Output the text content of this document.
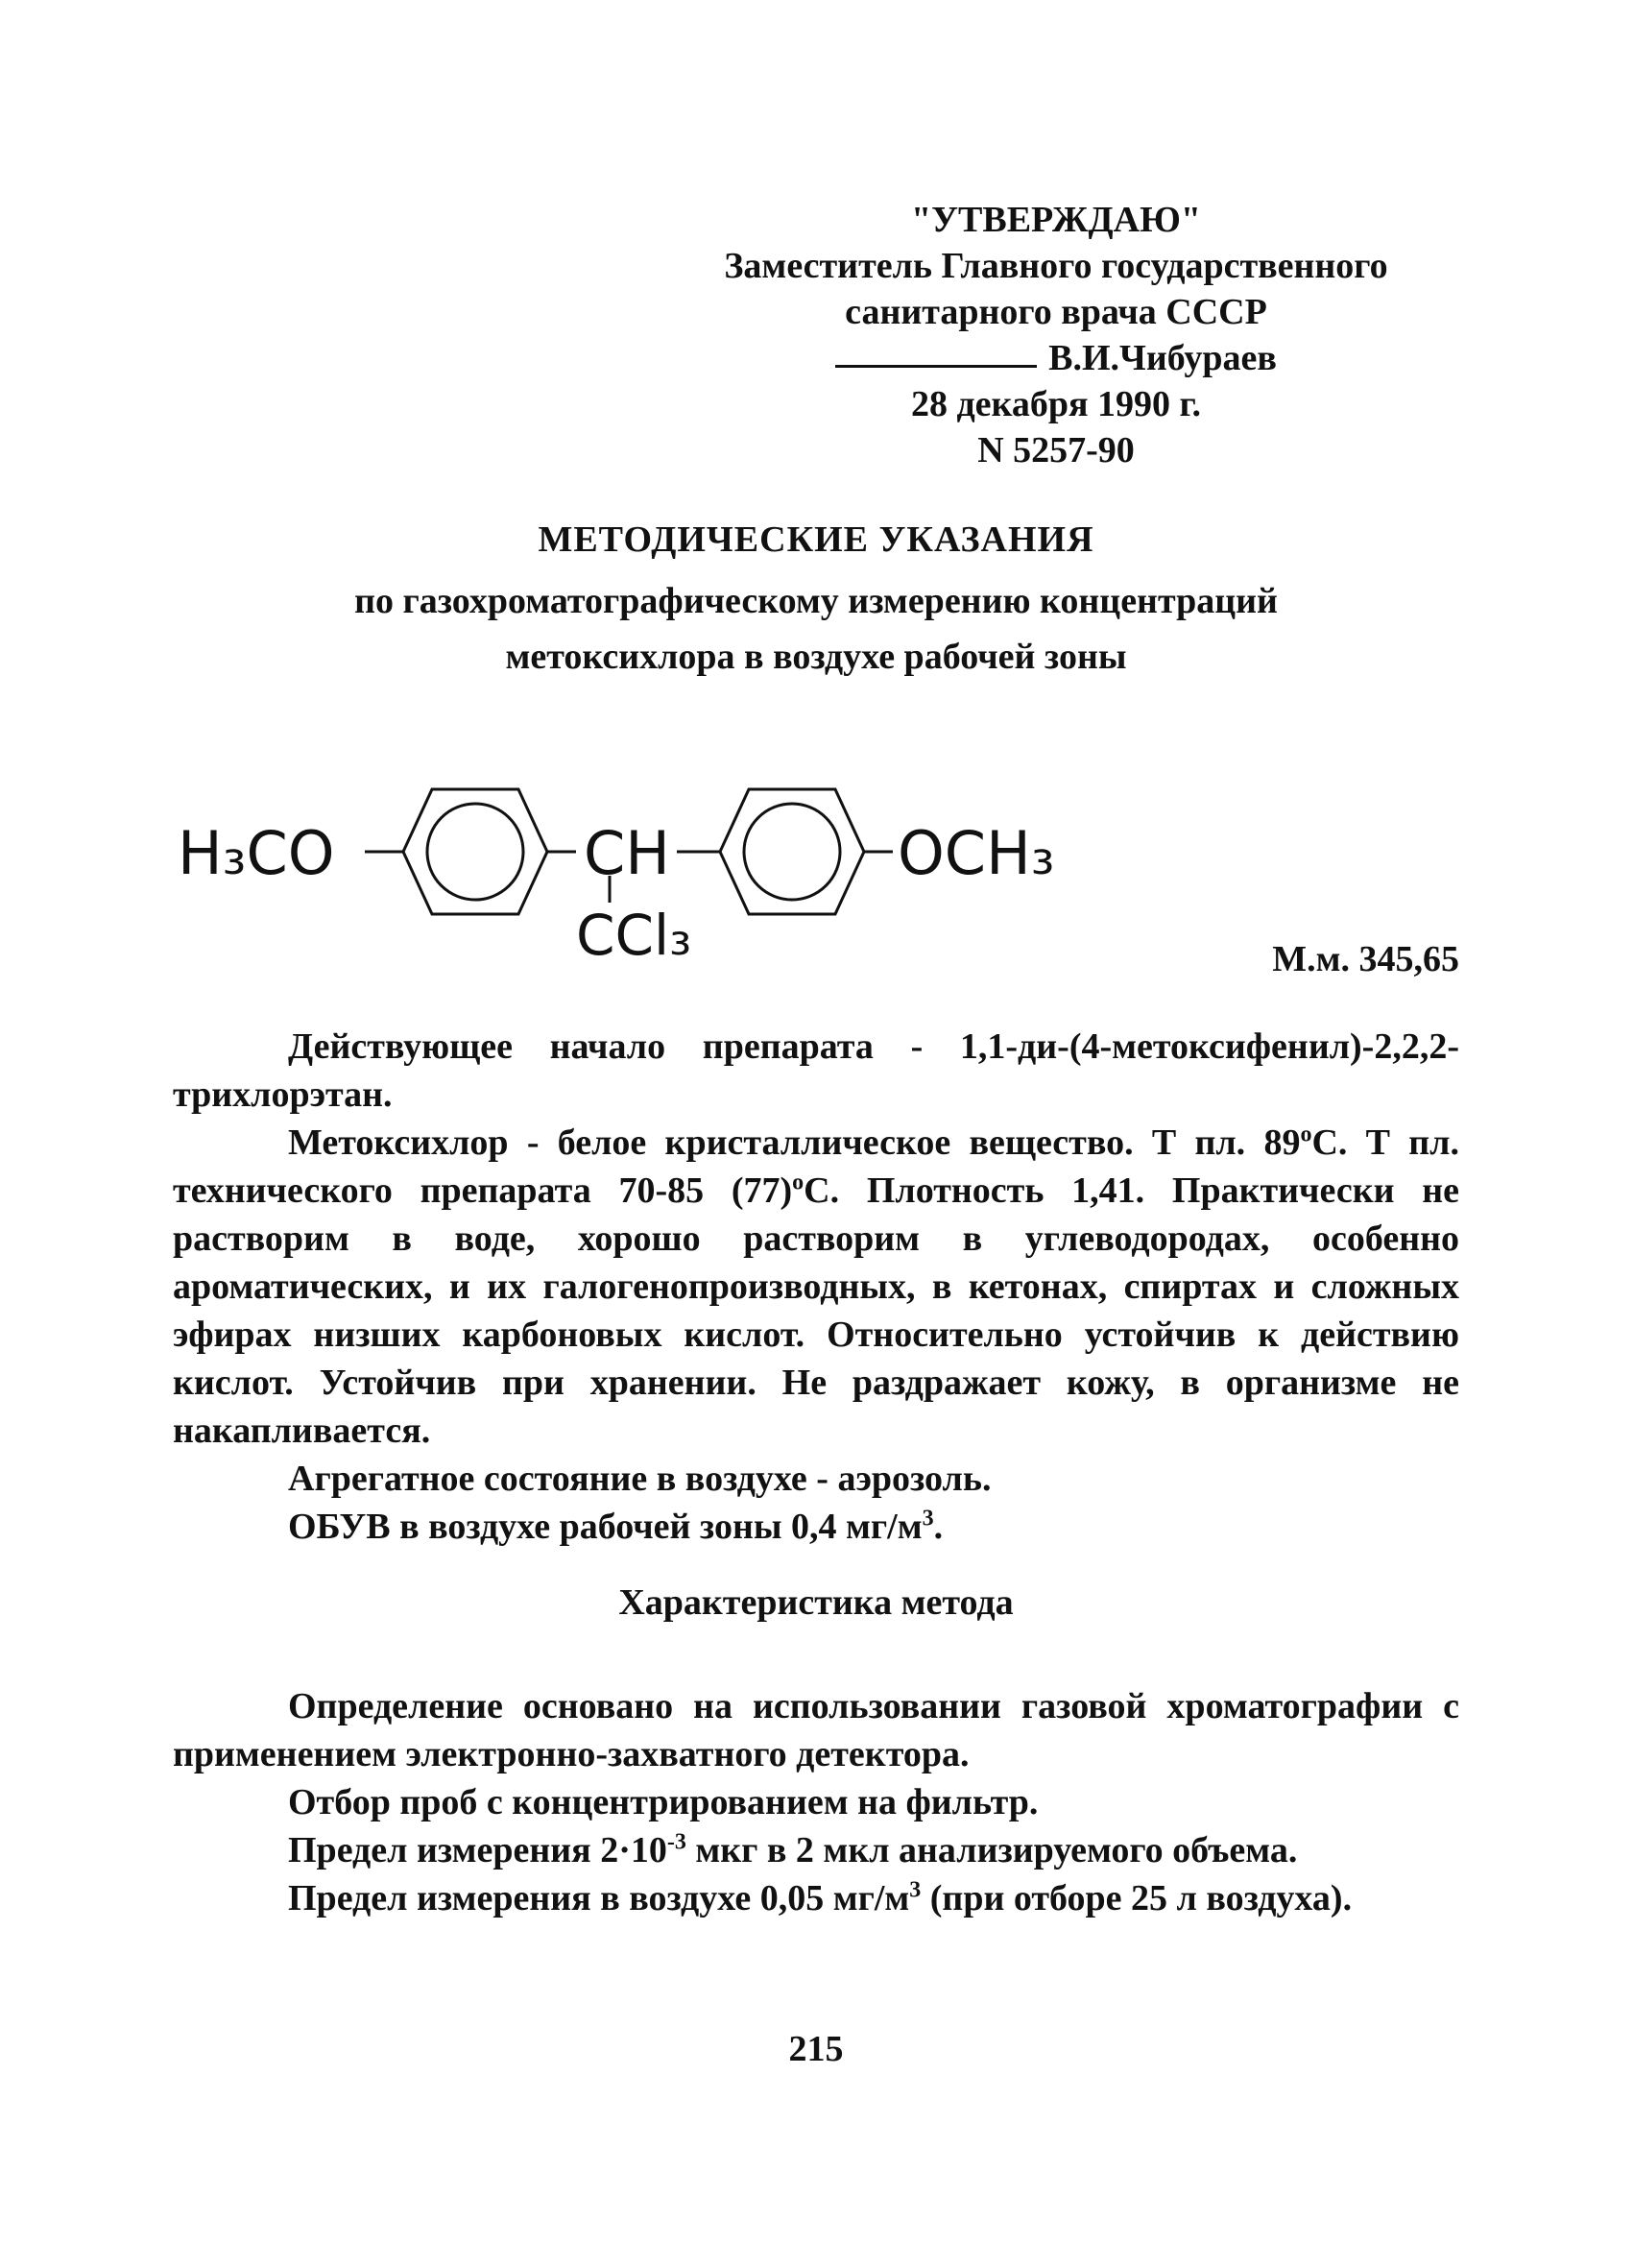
"УТВЕРЖДАЮ"
Заместитель Главного государственного
санитарного врача СССР
В.И.Чибураев
28 декабря 1990 г.
N 5257-90
МЕТОДИЧЕСКИЕ УКАЗАНИЯ
по газохроматографическому измерению концентраций
метоксихлора в воздухе рабочей зоны
H₃CO	CH
CCl₃
OCH₃
М.м. 345,65

Действующее начало препарата - 1,1-ди-(4-метоксифенил)-2,2,2-трихлорэтан.

Метоксихлор - белое кристаллическое вещество. Т пл. $89^оС$. Т пл. технического препарата 70-85 $(77)^оС$. Плотность 1,41. Практически не растворим в воде, хорошо растворим в углеводородах, особенно ароматических, и их галогенопроизводных, в кетонах, спиртах и сложных эфирах низших карбоновых кислот. Относительно устойчив к действию кислот. Устойчив при хранении. Не раздражает кожу, в организме не накапливается.

Агрегатное состояние в воздухе - аэрозоль.

ОБУВ в воздухе рабочей зоны 0,4 $мг/м^3$.

Характеристика метода

Определение основано на использовании газовой хроматографии с применением электронно-захватного детектора.

Отбор проб с концентрированием на фильтр.

Предел измерения $2\cdot 10^{-3}$ мкг в 2 мкл анализируемого объема.

Предел измерения в воздухе 0,05 $мг/м^3$ (при отборе 25 л воздуха).

215
